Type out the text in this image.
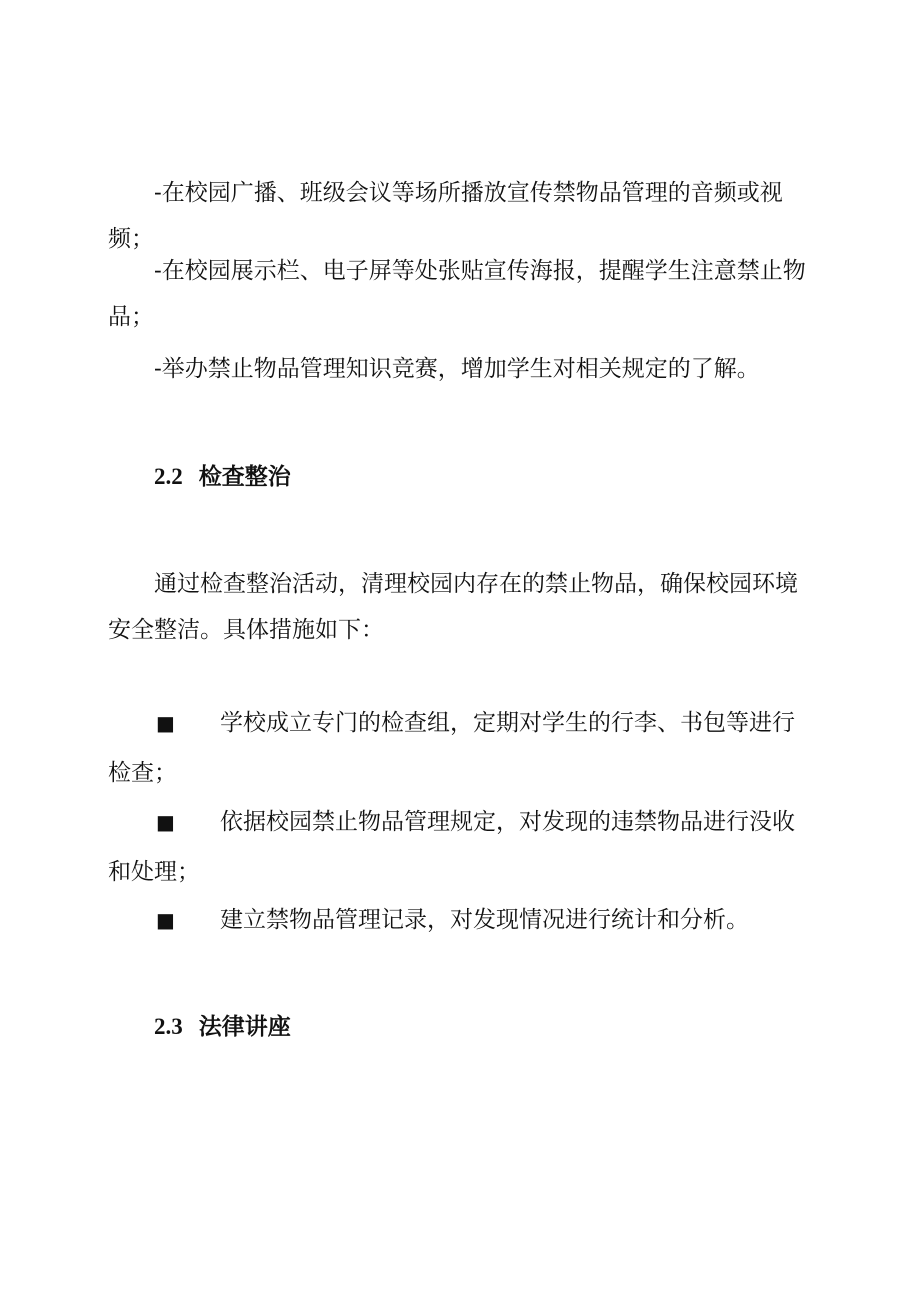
-在校园广播、班级会议等场所播放宣传禁物品管理的音频或视频；

-在校园展示栏、电子屏等处张贴宣传海报，提醒学生注意禁止物品；

-举办禁止物品管理知识竞赛，增加学生对相关规定的了解。

2.2 检查整治

通过检查整治活动，清理校园内存在的禁止物品，确保校园环境安全整洁。具体措施如下：

■ 学校成立专门的检查组，定期对学生的行李、书包等进行检查；

■ 依据校园禁止物品管理规定，对发现的违禁物品进行没收和处理；

■ 建立禁物品管理记录，对发现情况进行统计和分析。

2.3 法律讲座
